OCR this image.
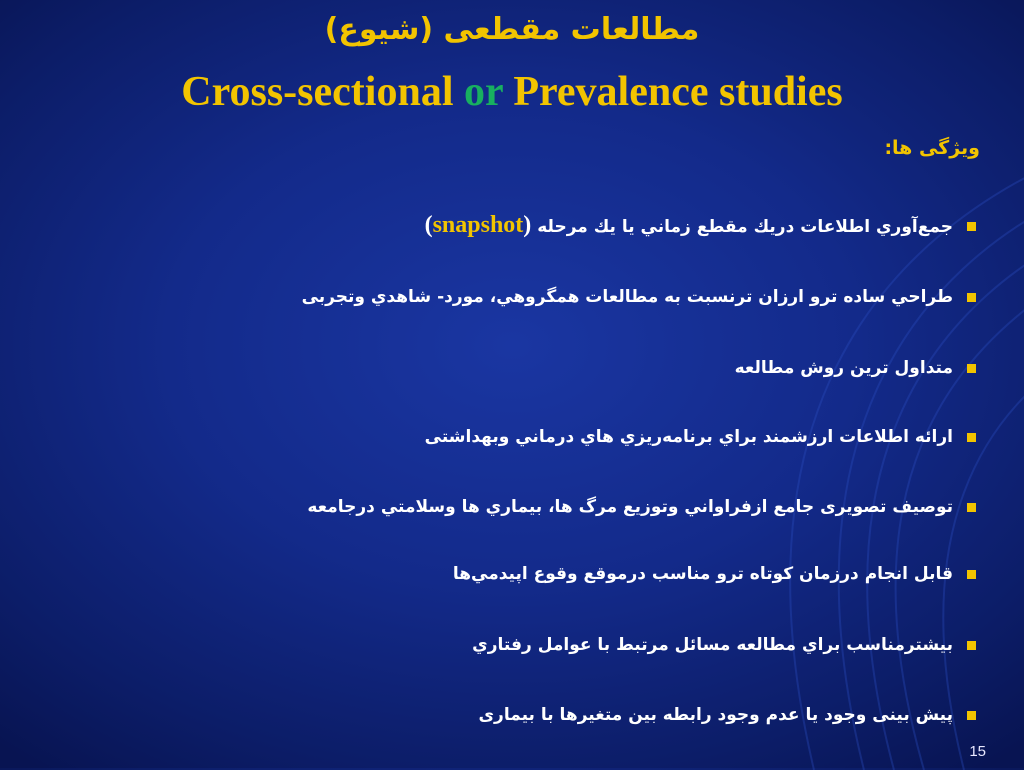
مطالعات مقطعی (شیوع)
Cross-sectional or Prevalence studies
ویژگی ها:
جمع‌آوري اطلاعات دريك مقطع زماني يا يك مرحله (snapshot)
طراحي ساده ترو ارزان ترنسبت به مطالعات همگروهي، مورد- شاهدي وتجربی
متداول ترین روش مطالعه
ارائه اطلاعات ارزشمند براي برنامه‌ريزي هاي درماني وبهداشتی
توصيف تصويری جامع ازفراواني وتوزيع مرگ ها، بيماري ها وسلامتي درجامعه
قابل انجام درزمان كوتاه ترو مناسب درموقع وقوع اپيدمي‌ها
بيشترمناسب براي مطالعه مسائل مرتبط با عوامل رفتاري
پیش بینی وجود یا عدم وجود رابطه بین متغیرها با بیماری
15
